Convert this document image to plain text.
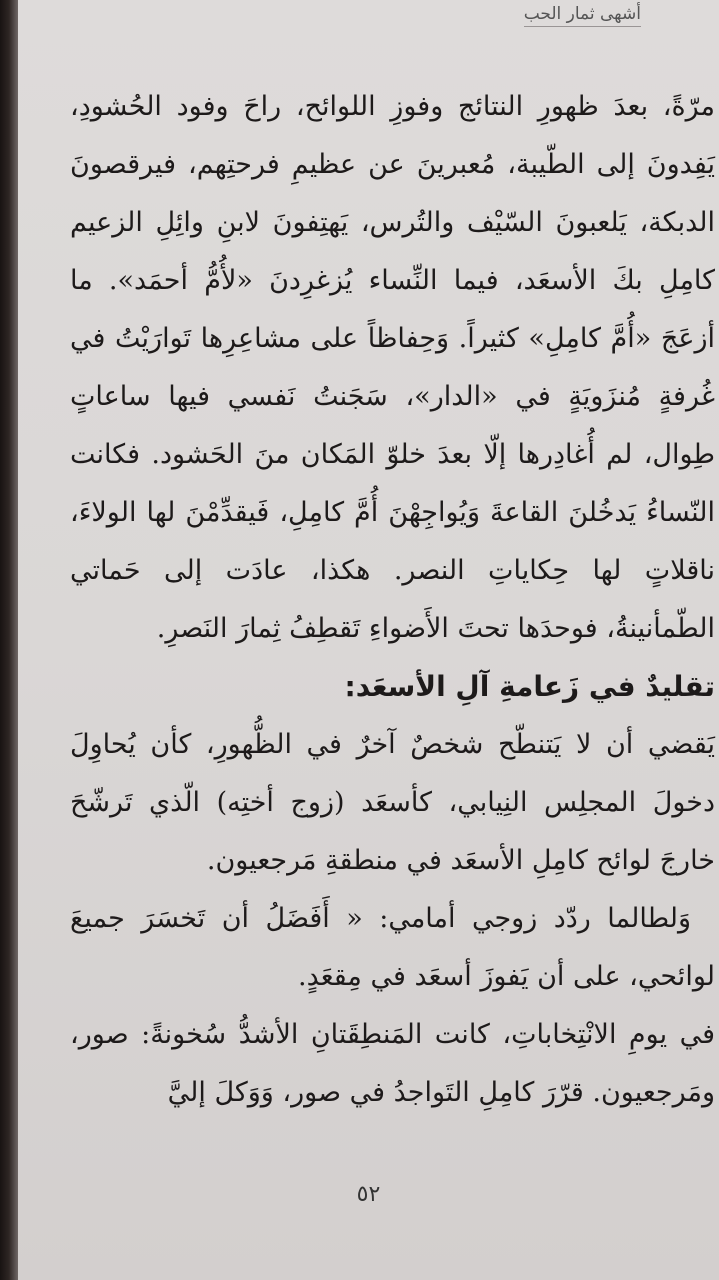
أشهى ثمار الحب

مرّةً، بعدَ ظهورِ النتائج وفوزِ اللوائح، راحَ وفود الحُشودِ، يَفِدونَ إلى الطّيبة، مُعبرينَ عن عظيمِ فرحتِهم، فيرقصونَ الدبكة، يَلعبونَ السّيْف والتُرس، يَهتِفونَ لابنِ وائِلِ الزعيم كامِلِ بكَ الأسعَد، فيما النِّساء يُزغرِدنَ «لأُمُّ أحمَد». ما أزعَجَ «أُمَّ كامِلِ» كثيراً. وَحِفاظاً على مشاعِرِها تَوارَيْتُ في غُرفةٍ مُنزَويَةٍ في «الدار»، سَجَنتُ نَفسي فيها ساعاتٍ طِوال، لم أُغادِرها إلّا بعدَ خلوّ المَكان منَ الحَشود. فكانت النّساءُ يَدخُلنَ القاعةَ وَيُواجِهْنَ أُمَّ كامِلِ، فَيقدِّمْنَ لها الولاءَ، ناقلاتٍ لها حِكاياتِ النصر. هكذا، عادَت إلى حَماتي الطّمأنينةُ، فوحدَها تحتَ الأَضواءِ تَقطِفُ ثِمارَ النَصرِ.

تقليدٌ في زَعامةِ آلِ الأسعَد:

يَقضي أن لا يَتنطّح شخصٌ آخرٌ في الظُّهورِ، كأن يُحاوِلَ دخولَ المجلِس النِيابي، كأسعَد (زوج أختِه) الّذي تَرشّحَ خارجَ لوائح كامِلِ الأسعَد في منطقةِ مَرجعيون.

وَلطالما ردّد زوجي أمامي: « أَفَضَلُ أن تَخسَرَ جميعَ لوائحي، على أن يَفوزَ أسعَد في مِقعَدٍ.

في يومِ الانْتِخاباتِ، كانت المَنطِقَتانِ الأشدُّ سُخونةً: صور، ومَرجعيون. قرّرَ كامِلِ التَواجدُ في صور، وَوَكلَ إليَّ

٥٢
